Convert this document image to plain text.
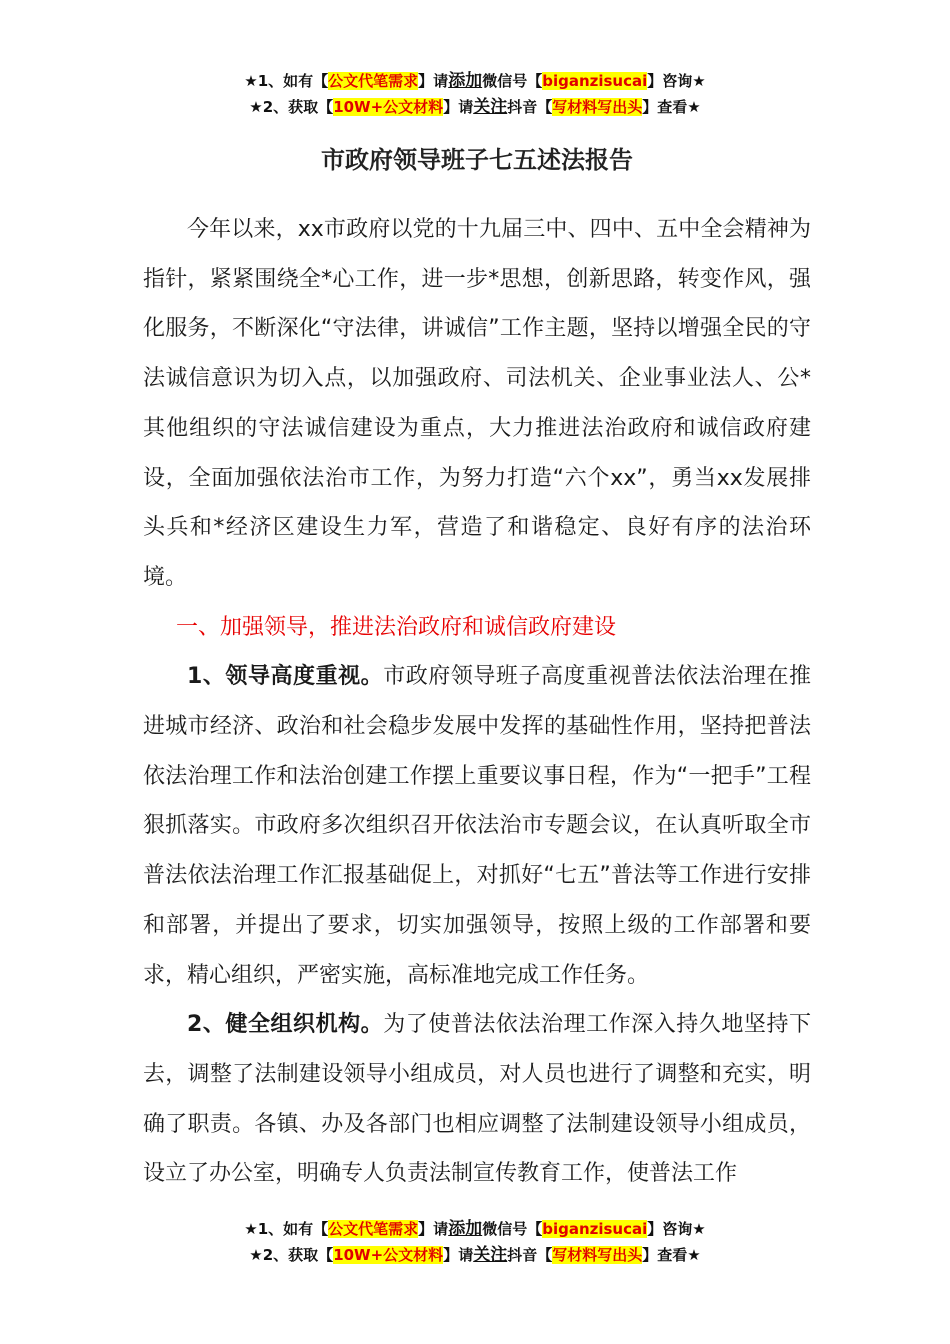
★1、如有【公文代笔需求】请添加微信号【biganzisucai】咨询★
★2、获取【10W+公文材料】请关注抖音【写材料写出头】查看★
市政府领导班子七五述法报告

今年以来，xx市政府以党的十九届三中、四中、五中全会精神为指针，紧紧围绕全*心工作，进一步*思想，创新思路，转变作风，强化服务，不断深化“守法律，讲诚信”工作主题，坚持以增强全民的守法诚信意识为切入点，以加强政府、司法机关、企业事业法人、公*其他组织的守法诚信建设为重点，大力推进法治政府和诚信政府建设，全面加强依法治市工作，为努力打造“六个xx”，勇当xx发展排头兵和*经济区建设生力军，营造了和谐稳定、良好有序的法治环境。

一、加强领导，推进法治政府和诚信政府建设

1、领导高度重视。市政府领导班子高度重视普法依法治理在推进城市经济、政治和社会稳步发展中发挥的基础性作用，坚持把普法依法治理工作和法治创建工作摆上重要议事日程，作为“一把手”工程狠抓落实。市政府多次组织召开依法治市专题会议，在认真听取全市普法依法治理工作汇报基础促上，对抓好“七五”普法等工作进行安排和部署，并提出了要求，切实加强领导，按照上级的工作部署和要求，精心组织，严密实施，高标准地完成工作任务。

2、健全组织机构。为了使普法依法治理工作深入持久地坚持下去，调整了法制建设领导小组成员，对人员也进行了调整和充实，明确了职责。各镇、办及各部门也相应调整了法制建设领导小组成员，设立了办公室，明确专人负责法制宣传教育工作，使普法工作

★1、如有【公文代笔需求】请添加微信号【biganzisucai】咨询★
★2、获取【10W+公文材料】请关注抖音【写材料写出头】查看★
